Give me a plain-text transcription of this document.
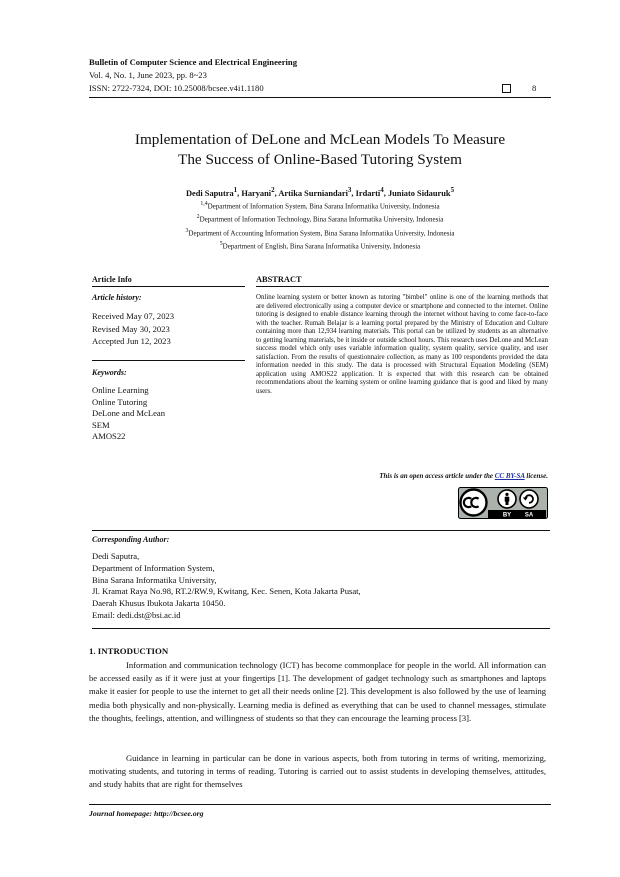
Bulletin of Computer Science and Electrical Engineering
Vol. 4, No. 1, June 2023, pp. 8~23
ISSN: 2722-7324, DOI: 10.25008/bcsee.v4i1.1180	8
Implementation of DeLone and McLean Models To Measure
The Success of Online-Based Tutoring System
Dedi Saputra$^1$, Haryani$^2$, Artika Surniandari$^3$, Irdarti$^4$, Juniato Sidauruk$^5$
$^{1,4}$Department of Information System, Bina Sarana Informatika University, Indonesia
$^2$Department of Information Technology, Bina Sarana Informatika University, Indonesia
$^3$Department of Accounting Information System, Bina Sarana Informatika University, Indonesia
$^5$Department of English, Bina Sarana Informatika University, Indonesia
Article Info
Article history:
Received May 07, 2023
Revised May 30, 2023
Accepted Jun 12, 2023
Keywords:
Online Learning
Online Tutoring
DeLone and McLean
SEM
AMOS22
ABSTRACT
Online learning system or better known as tutoring "bimbel" online is one of the learning methods that are delivered electronically using a computer device or smartphone and connected to the internet. Online tutoring is designed to enable distance learning through the internet without having to come face-to-face with the teacher. Rumah Belajar is a learning portal prepared by the Ministry of Education and Culture containing more than 12,934 learning materials. This portal can be utilized by students as an alternative to getting learning materials, be it inside or outside school hours. This research uses DeLone and McLean success model which only uses variable information quality, system quality, service quality, and user satisfaction. From the results of questionnaire collection, as many as 100 respondents provided the data information needed in this study. The data is processed with Structural Equation Modeling (SEM) application using AMOS22 application. It is expected that with this research can be obtained recommendations about the learning system or online learning guidance that is good and liked by many users.
This is an open access article under the CC BY-SA license.
BY SA
Corresponding Author:
Dedi Saputra,
Department of Information System,
Bina Sarana Informatika University,
Jl. Kramat Raya No.98, RT.2/RW.9, Kwitang, Kec. Senen, Kota Jakarta Pusat,
Daerah Khusus Ibukota Jakarta 10450.
Email: dedi.dst@bsi.ac.id
1. INTRODUCTION
Information and communication technology (ICT) has become commonplace for people in the world. All information can be accessed easily as if it were just at your fingertips [1]. The development of gadget technology such as smartphones and laptops make it easier for people to use the internet to get all their needs online [2]. This development is also followed by the use of learning media both physically and non-physically. Learning media is defined as everything that can be used to channel messages, stimulate the thoughts, feelings, attention, and willingness of students so that they can encourage the learning process [3].
Guidance in learning in particular can be done in various aspects, both from tutoring in terms of writing, memorizing, motivating students, and tutoring in terms of reading. Tutoring is carried out to assist students in developing themselves, attitudes, and study habits that are right for themselves
Journal homepage: http://bcsee.org
